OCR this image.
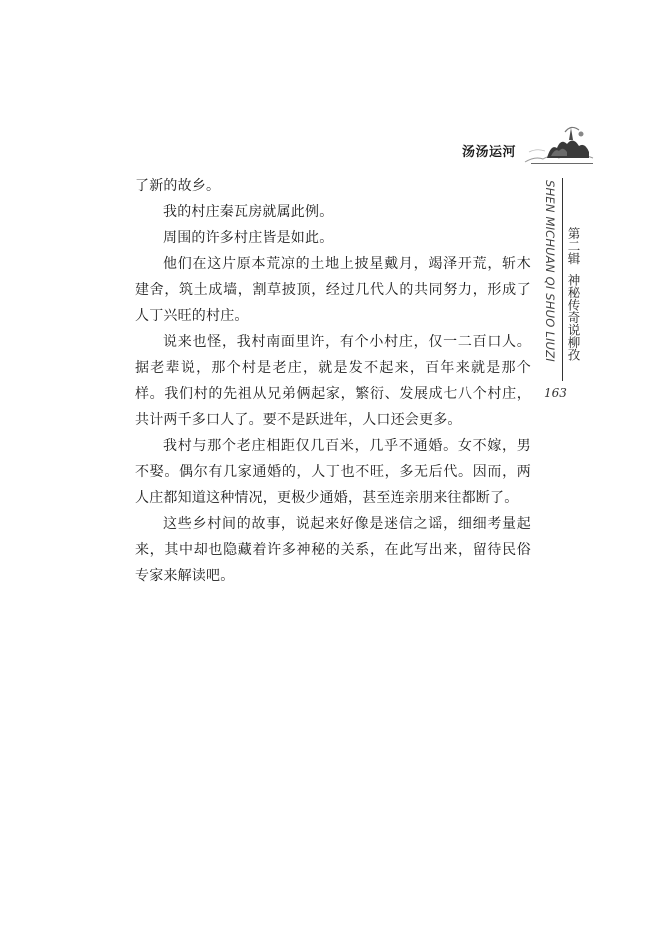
汤汤运河
SHEN MICHUAN QI SHUO LIUZI 第二辑神秘传奇说柳孜
163

了新的故乡。

我的村庄秦瓦房就属此例。

周围的许多村庄皆是如此。

他们在这片原本荒凉的土地上披星戴月，竭泽开荒，斩木建舍，筑土成墙，割草披顶，经过几代人的共同努力，形成了人丁兴旺的村庄。

说来也怪，我村南面里许，有个小村庄，仅一二百口人。据老辈说，那个村是老庄，就是发不起来，百年来就是那个样。我们村的先祖从兄弟俩起家，繁衍、发展成七八个村庄，共计两千多口人了。要不是跃进年，人口还会更多。

我村与那个老庄相距仅几百米，几乎不通婚。女不嫁，男不娶。偶尔有几家通婚的，人丁也不旺，多无后代。因而，两人庄都知道这种情况，更极少通婚，甚至连亲朋来往都断了。

这些乡村间的故事，说起来好像是迷信之谣，细细考量起来，其中却也隐藏着许多神秘的关系，在此写出来，留待民俗专家来解读吧。
